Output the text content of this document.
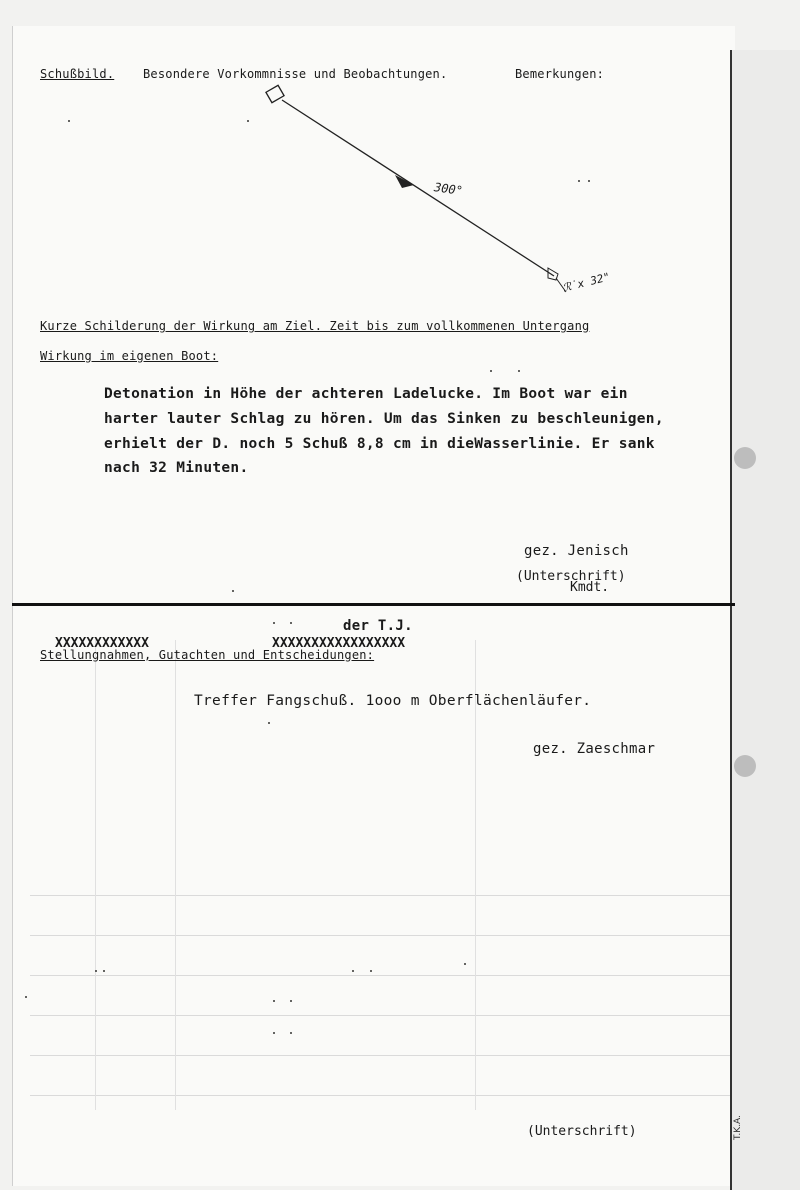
T.K.A.
Schußbild. Besondere Vorkommnisse und Beobachtungen.	Bemerkungen:
300°
ℛ˙x 32"
Kurze Schilderung der Wirkung am Ziel. Zeit bis zum vollkommenen Untergang
Wirkung im eigenen Boot:
Detonation in Höhe der achteren Ladelucke. Im Boot war ein
harter lauter Schlag zu hören. Um das Sinken zu beschleunigen,
erhielt der D. noch 5 Schuß 8,8 cm in dieWasserlinie. Er sank
nach 32 Minuten.
gez. Jenisch
(Unterschrift)
Kmdt.
der T.J.
XXXXXXXXXXXX	XXXXXXXXXXXXXXXXX
Stellungnahmen, Gutachten und Entscheidungen:
Treffer Fangschuß. 1ooo m Oberflächenläufer.
gez. Zaeschmar
(Unterschrift)
